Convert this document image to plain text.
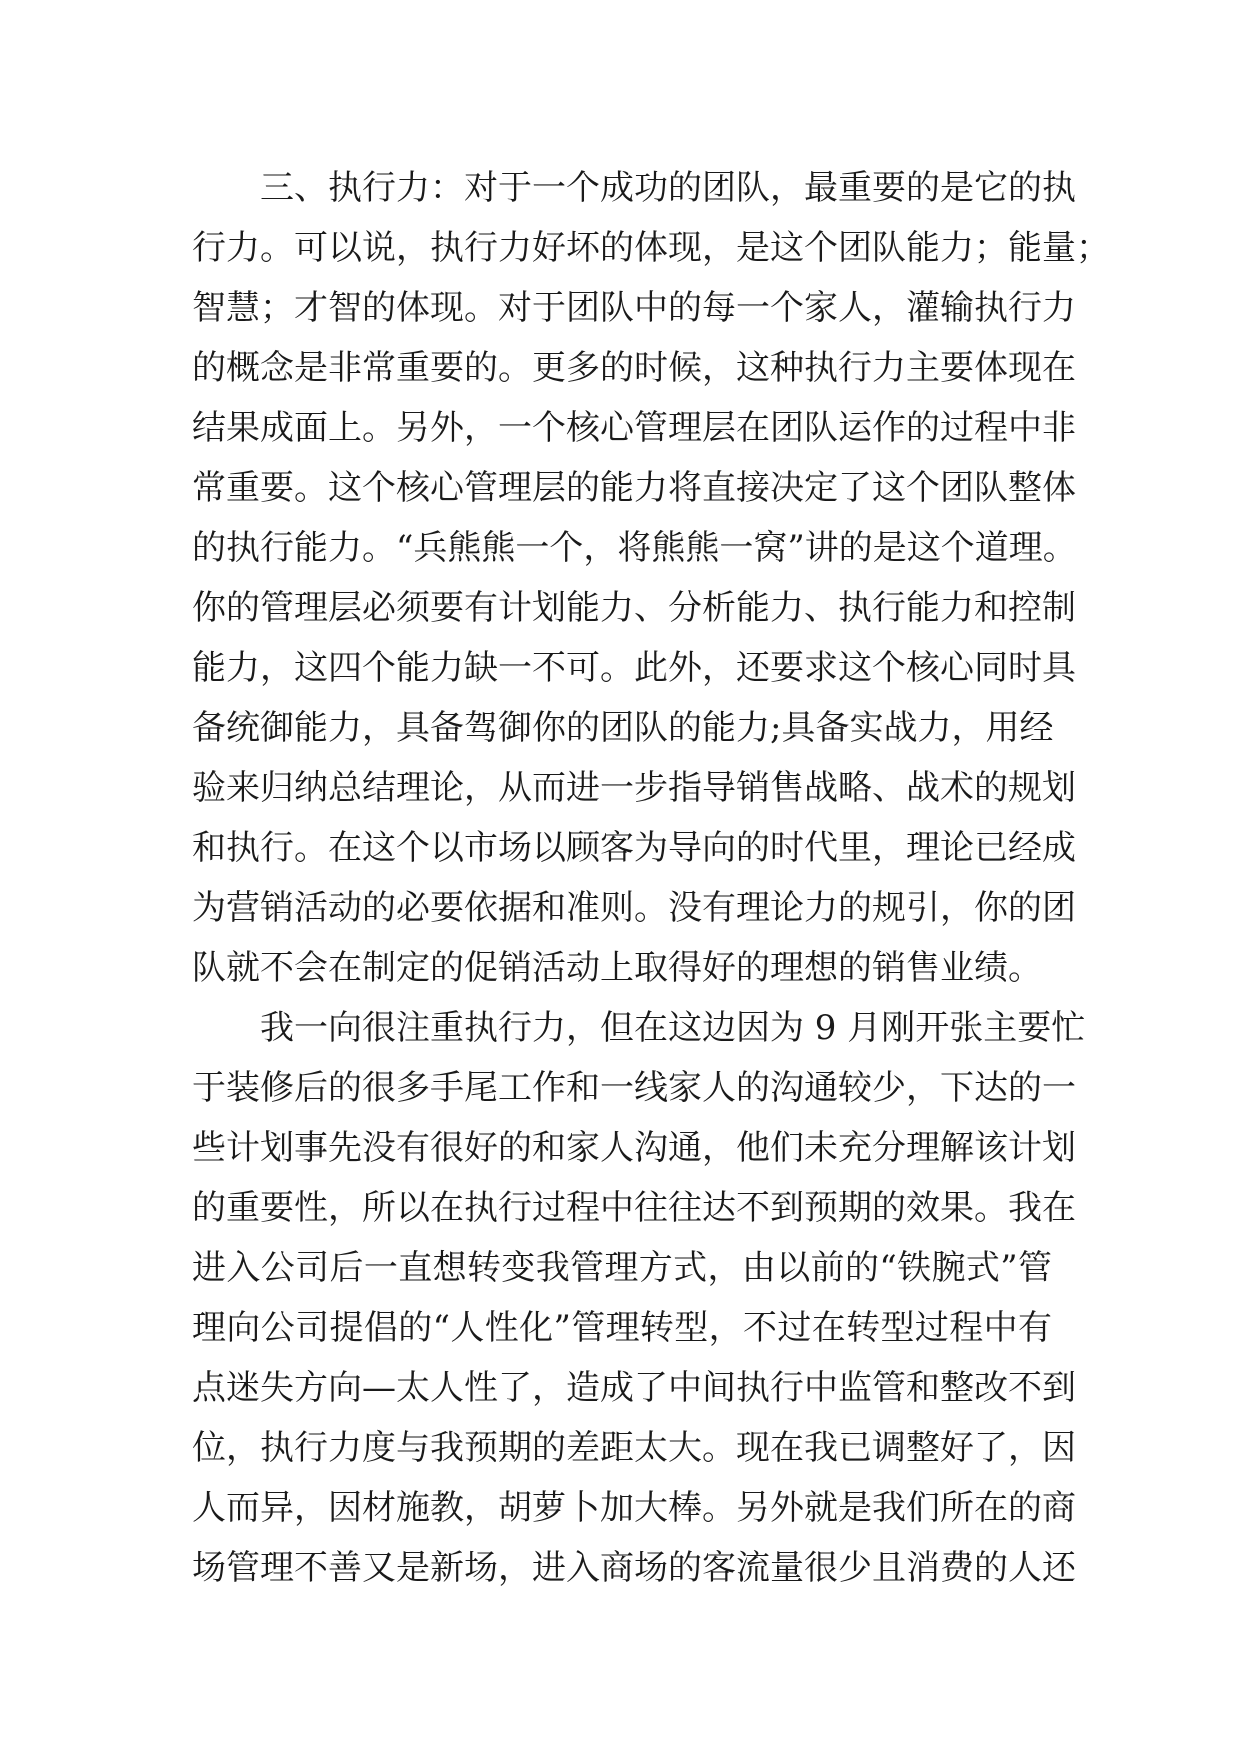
三、执行力：对于一个成功的团队，最重要的是它的执
行力。可以说，执行力好坏的体现，是这个团队能力；能量；
智慧；才智的体现。对于团队中的每一个家人，灌输执行力
的概念是非常重要的。更多的时候，这种执行力主要体现在
结果成面上。另外，一个核心管理层在团队运作的过程中非
常重要。这个核心管理层的能力将直接决定了这个团队整体
的执行能力。“兵熊熊一个，将熊熊一窝”讲的是这个道理。
你的管理层必须要有计划能力、分析能力、执行能力和控制
能力，这四个能力缺一不可。此外，还要求这个核心同时具
备统御能力，具备驾御你的团队的能力;具备实战力，用经
验来归纳总结理论，从而进一步指导销售战略、战术的规划
和执行。在这个以市场以顾客为导向的时代里，理论已经成
为营销活动的必要依据和准则。没有理论力的规引，你的团
队就不会在制定的促销活动上取得好的理想的销售业绩。
我一向很注重执行力，但在这边因为 9 月刚开张主要忙
于装修后的很多手尾工作和一线家人的沟通较少，下达的一
些计划事先没有很好的和家人沟通，他们未充分理解该计划
的重要性，所以在执行过程中往往达不到预期的效果。我在
进入公司后一直想转变我管理方式，由以前的“铁腕式”管
理向公司提倡的“人性化”管理转型，不过在转型过程中有
点迷失方向—太人性了，造成了中间执行中监管和整改不到
位，执行力度与我预期的差距太大。现在我已调整好了，因
人而异，因材施教，胡萝卜加大棒。另外就是我们所在的商
场管理不善又是新场，进入商场的客流量很少且消费的人还
